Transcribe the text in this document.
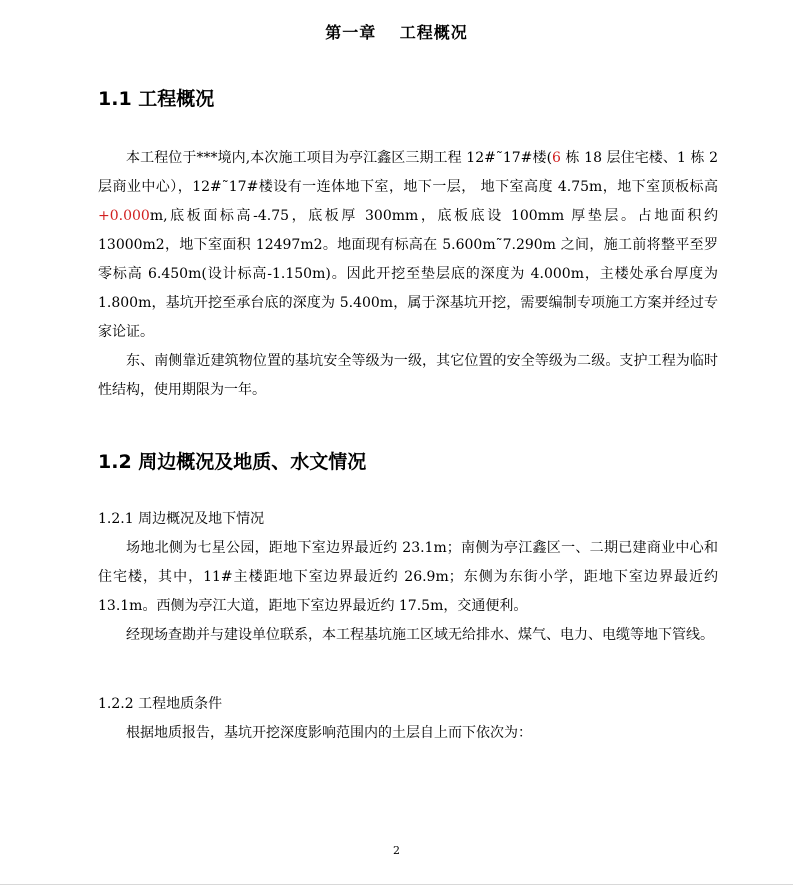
第一章　 工程概况
1.1 工程概况

本工程位于***境内,本次施工项目为亭江鑫区三期工程 12#˜17#楼(6 栋 18 层住宅楼、1 栋 2 层商业中心），12#˜17#楼设有一连体地下室，地下一层， 地下室高度 4.75m，地下室顶板标高+0.000m,底板面标高-4.75，底板厚 300mm，底板底设 100mm 厚垫层。占地面积约 13000m2，地下室面积 12497m2。地面现有标高在 5.600m˜7.290m 之间，施工前将整平至罗零标高 6.450m(设计标高-1.150m)。因此开挖至垫层底的深度为 4.000m，主楼处承台厚度为 1.800m，基坑开挖至承台底的深度为 5.400m，属于深基坑开挖，需要编制专项施工方案并经过专家论证。

东、南侧靠近建筑物位置的基坑安全等级为一级，其它位置的安全等级为二级。支护工程为临时性结构，使用期限为一年。

1.2 周边概况及地质、水文情况
1.2.1 周边概况及地下情况

场地北侧为七星公园，距地下室边界最近约 23.1m；南侧为亭江鑫区一、二期已建商业中心和住宅楼，其中，11#主楼距地下室边界最近约 26.9m；东侧为东街小学，距地下室边界最近约 13.1m。西侧为亭江大道，距地下室边界最近约 17.5m，交通便利。

经现场查勘并与建设单位联系，本工程基坑施工区域无给排水、煤气、电力、电缆等地下管线。

1.2.2 工程地质条件

根据地质报告，基坑开挖深度影响范围内的土层自上而下依次为：

2
